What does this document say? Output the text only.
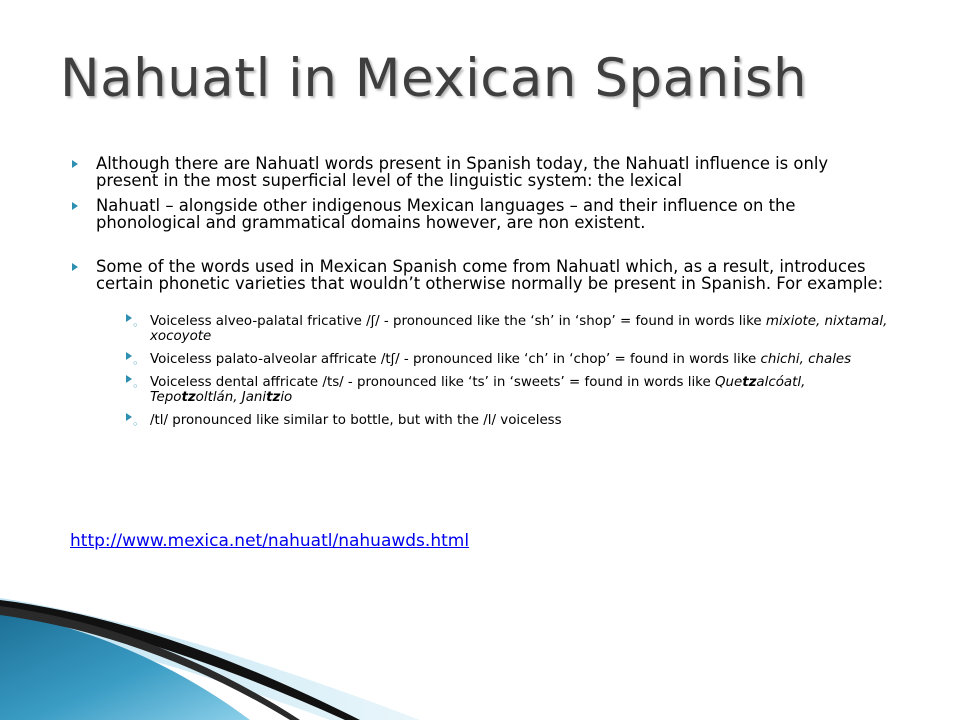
Nahuatl in Mexican Spanish
Although there are Nahuatl words present in Spanish today, the Nahuatl influence is only present in the most superficial level of the linguistic system: the lexical
Nahuatl – alongside other indigenous Mexican languages – and their influence on the phonological and grammatical domains however, are non existent.
Some of the words used in Mexican Spanish come from Nahuatl which, as a result, introduces certain phonetic varieties that wouldn’t otherwise normally be present in Spanish. For example:
◦ Voiceless alveo-palatal fricative /ʃ/ - pronounced like the ‘sh’ in ‘shop’ = found in words like mixiote, nixtamal, xocoyote
◦ Voiceless palato-alveolar affricate /tʃ/ - pronounced like ‘ch’ in ‘chop’ = found in words like chichi, chales
◦ Voiceless dental affricate /ts/ - pronounced like ‘ts’ in ‘sweets’ = found in words like Quetzalcóatl, Tepotzoltlán, Janitzio
◦ /tl/ pronounced like similar to bottle, but with the /l/ voiceless
http://www.mexica.net/nahuatl/nahuawds.html
